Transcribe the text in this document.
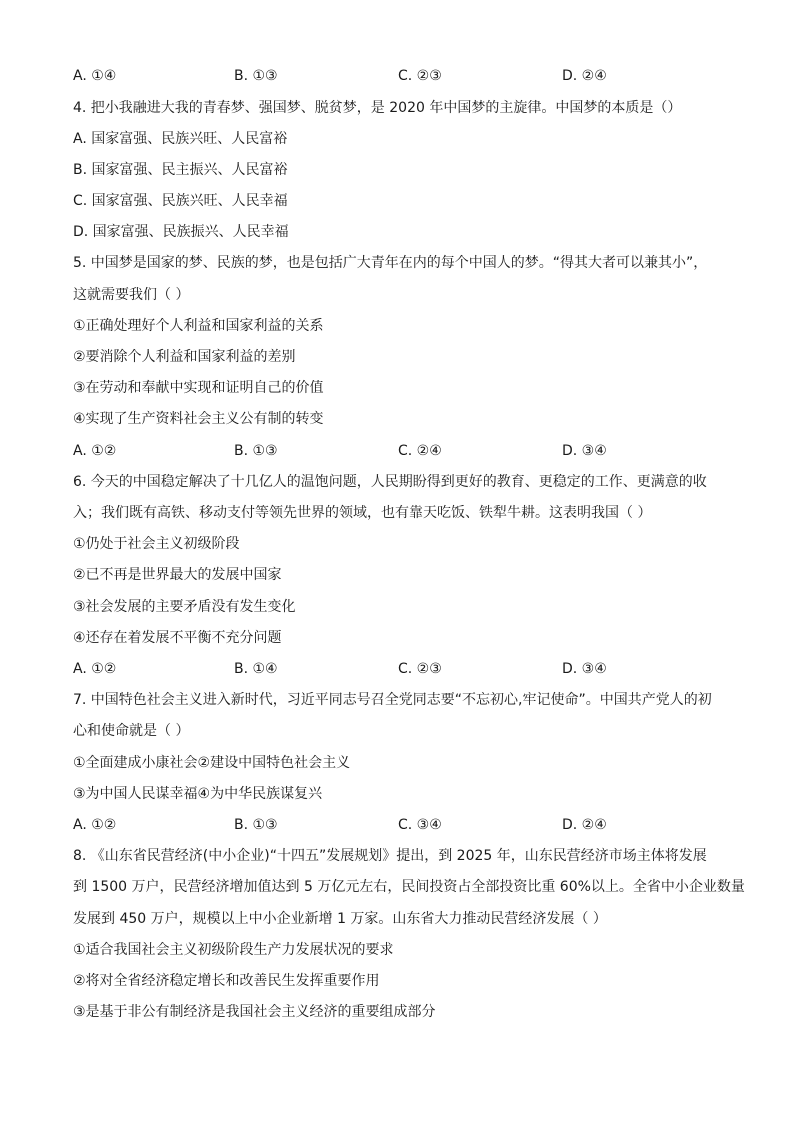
A. ①④	B. ①③	C. ②③	D. ②④
4. 把小我融进大我的青春梦、强国梦、脱贫梦，是 2020 年中国梦的主旋律。中国梦的本质是（）
A. 国家富强、民族兴旺、人民富裕
B. 国家富强、民主振兴、人民富裕
C. 国家富强、民族兴旺、人民幸福
D. 国家富强、民族振兴、人民幸福
5. 中国梦是国家的梦、民族的梦，也是包括广大青年在内的每个中国人的梦。“得其大者可以兼其小”，
这就需要我们（ ）
①正确处理好个人利益和国家利益的关系
②要消除个人利益和国家利益的差别
③在劳动和奉献中实现和证明自己的价值
④实现了生产资料社会主义公有制的转变
A. ①②	B. ①③	C. ②④	D. ③④
6. 今天的中国稳定解决了十几亿人的温饱问题，人民期盼得到更好的教育、更稳定的工作、更满意的收
入；我们既有高铁、移动支付等领先世界的领域，也有靠天吃饭、铁犁牛耕。这表明我国（ ）
①仍处于社会主义初级阶段
②已不再是世界最大的发展中国家
③社会发展的主要矛盾没有发生变化
④还存在着发展不平衡不充分问题
A. ①②	B. ①④	C. ②③	D. ③④
7. 中国特色社会主义进入新时代，习近平同志号召全党同志要“不忘初心,牢记使命”。中国共产党人的初
心和使命就是（ ）
①全面建成小康社会②建设中国特色社会主义
③为中国人民谋幸福④为中华民族谋复兴
A. ①②	B. ①③	C. ③④	D. ②④
8. 《山东省民营经济(中小企业)“十四五”发展规划》提出，到 2025 年，山东民营经济市场主体将发展
到 1500 万户，民营经济增加值达到 5 万亿元左右，民间投资占全部投资比重 60%以上。全省中小企业数量
发展到 450 万户，规模以上中小企业新增 1 万家。山东省大力推动民营经济发展（ ）
①适合我国社会主义初级阶段生产力发展状况的要求
②将对全省经济稳定增长和改善民生发挥重要作用
③是基于非公有制经济是我国社会主义经济的重要组成部分
